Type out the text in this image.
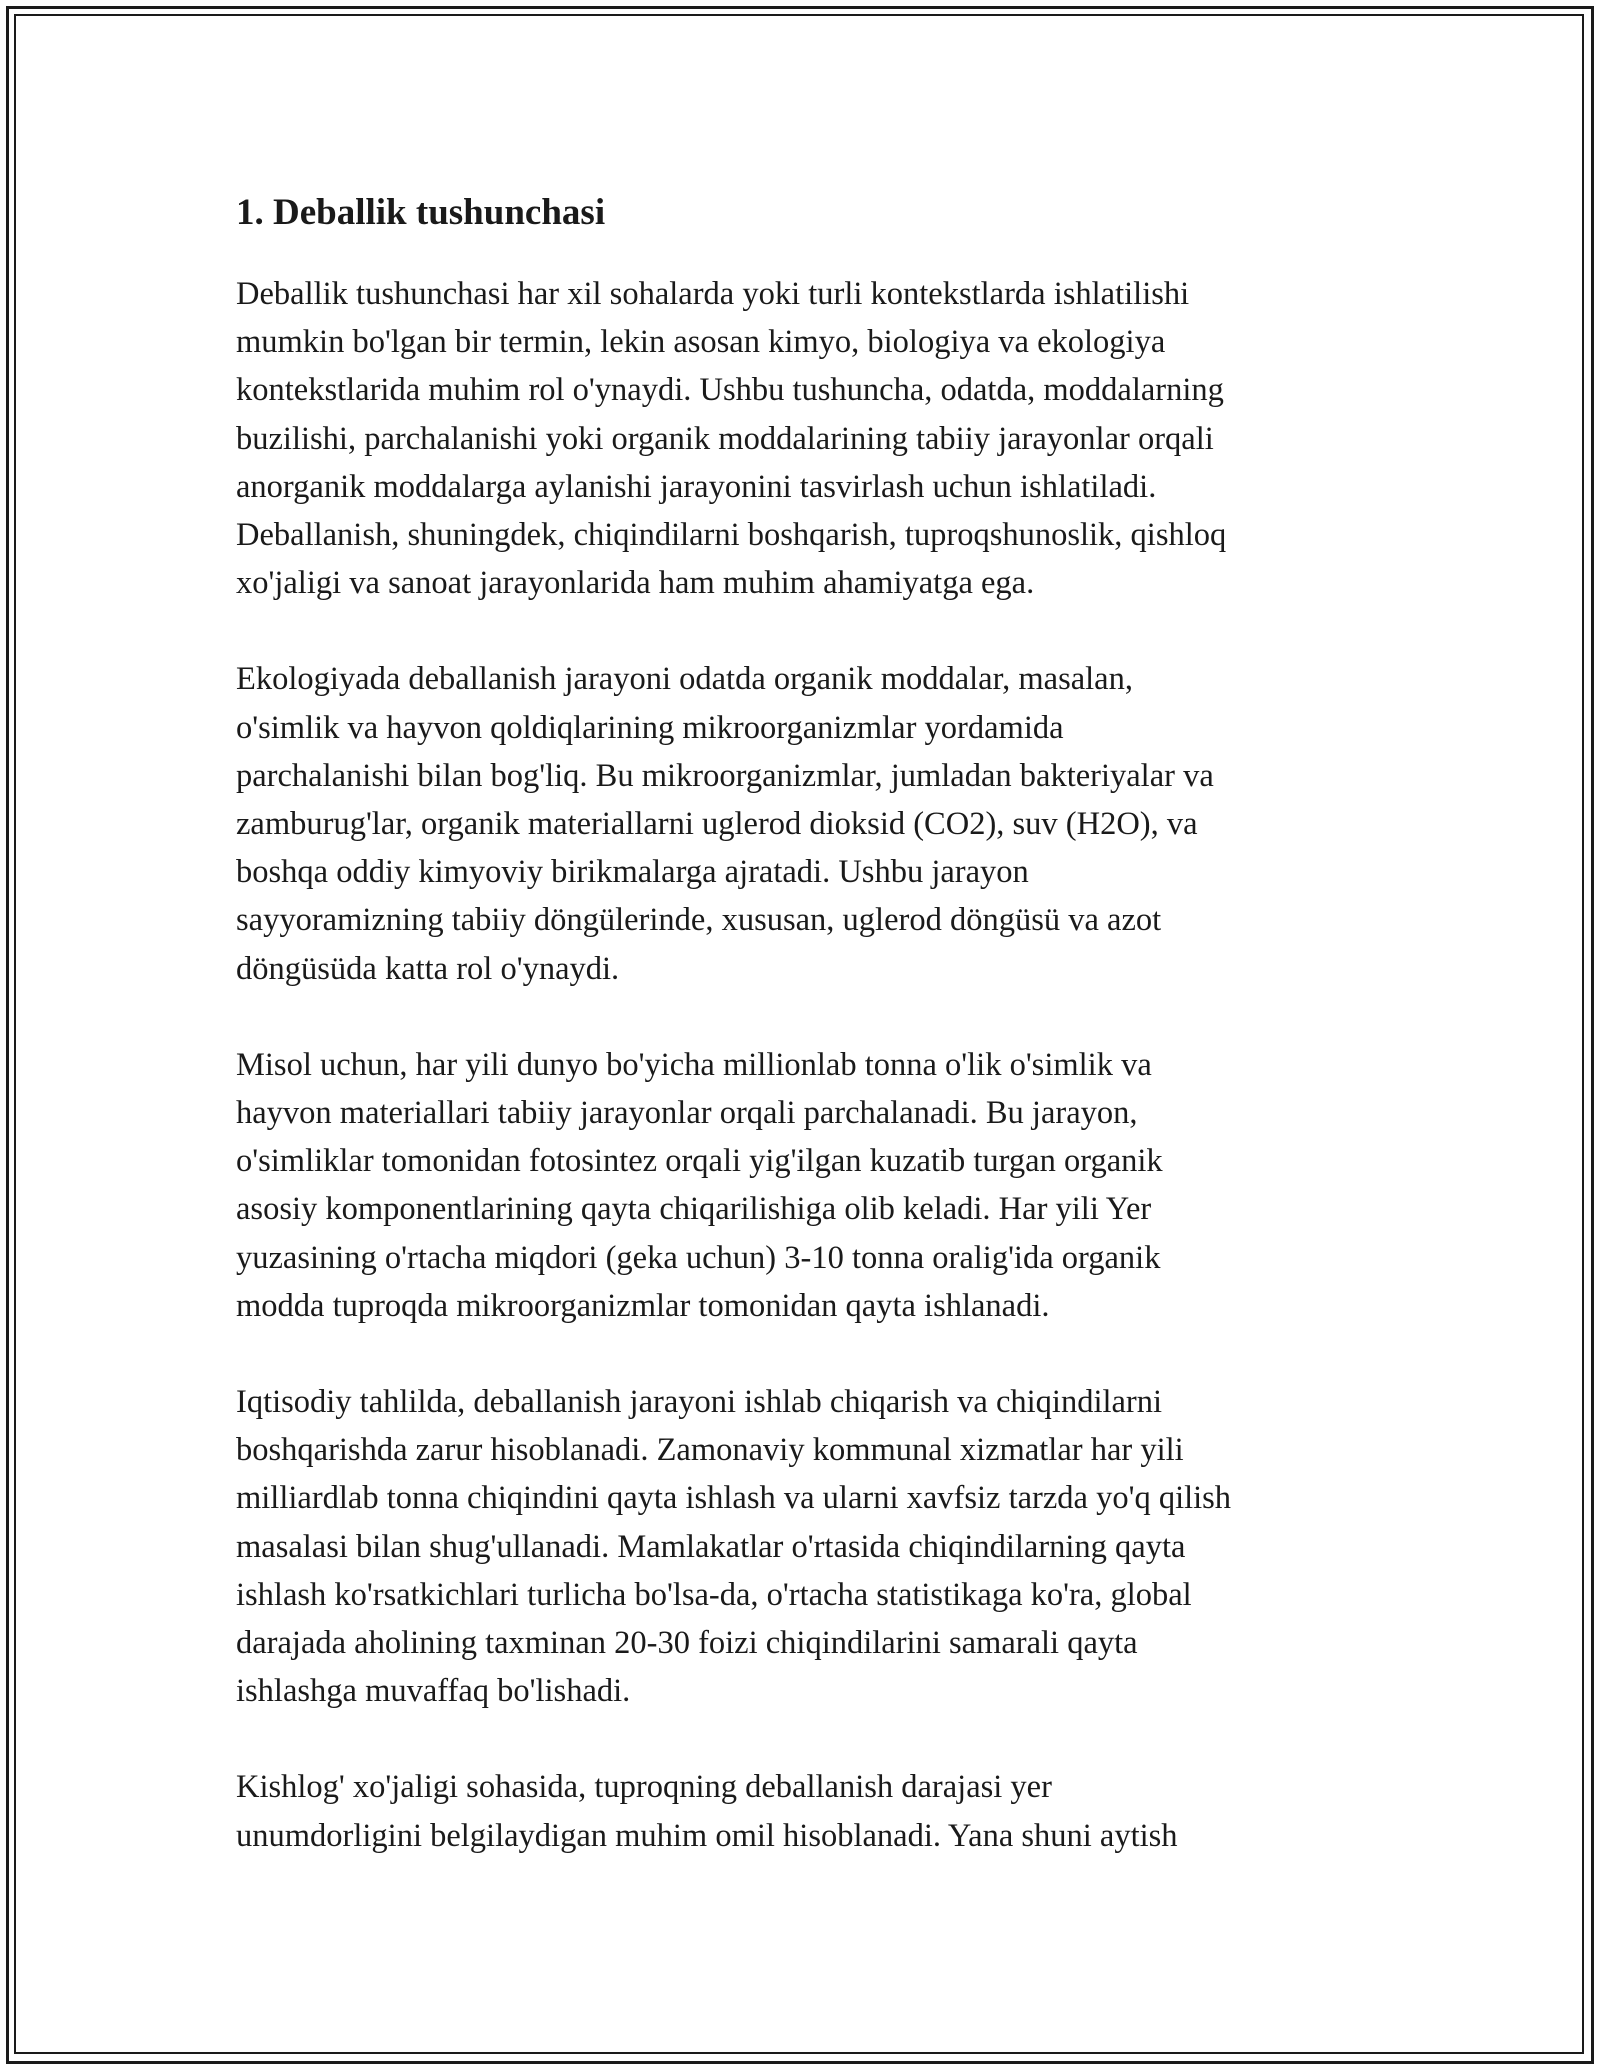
1. Deballik tushunchasi

Deballik tushunchasi har xil sohalarda yoki turli kontekstlarda ishlatilishi
mumkin bo'lgan bir termin, lekin asosan kimyo, biologiya va ekologiya
kontekstlarida muhim rol o'ynaydi. Ushbu tushuncha, odatda, moddalarning
buzilishi, parchalanishi yoki organik moddalarining tabiiy jarayonlar orqali
anorganik moddalarga aylanishi jarayonini tasvirlash uchun ishlatiladi.
Deballanish, shuningdek, chiqindilarni boshqarish, tuproqshunoslik, qishloq
xo'jaligi va sanoat jarayonlarida ham muhim ahamiyatga ega.

Ekologiyada deballanish jarayoni odatda organik moddalar, masalan,
o'simlik va hayvon qoldiqlarining mikroorganizmlar yordamida
parchalanishi bilan bog'liq. Bu mikroorganizmlar, jumladan bakteriyalar va
zamburug'lar, organik materiallarni uglerod dioksid (CO2), suv (H2O), va
boshqa oddiy kimyoviy birikmalarga ajratadi. Ushbu jarayon
sayyoramizning tabiiy döngülerinde, xususan, uglerod döngüsü va azot
döngüsüda katta rol o'ynaydi.

Misol uchun, har yili dunyo bo'yicha millionlab tonna o'lik o'simlik va
hayvon materiallari tabiiy jarayonlar orqali parchalanadi. Bu jarayon,
o'simliklar tomonidan fotosintez orqali yig'ilgan kuzatib turgan organik
asosiy komponentlarining qayta chiqarilishiga olib keladi. Har yili Yer
yuzasining o'rtacha miqdori (geka uchun) 3-10 tonna oralig'ida organik
modda tuproqda mikroorganizmlar tomonidan qayta ishlanadi.

Iqtisodiy tahlilda, deballanish jarayoni ishlab chiqarish va chiqindilarni
boshqarishda zarur hisoblanadi. Zamonaviy kommunal xizmatlar har yili
milliardlab tonna chiqindini qayta ishlash va ularni xavfsiz tarzda yo'q qilish
masalasi bilan shug'ullanadi. Mamlakatlar o'rtasida chiqindilarning qayta
ishlash ko'rsatkichlari turlicha bo'lsa-da, o'rtacha statistikaga ko'ra, global
darajada aholining taxminan 20-30 foizi chiqindilarini samarali qayta
ishlashga muvaffaq bo'lishadi.

Kishlog' xo'jaligi sohasida, tuproqning deballanish darajasi yer
unumdorligini belgilaydigan muhim omil hisoblanadi. Yana shuni aytish
